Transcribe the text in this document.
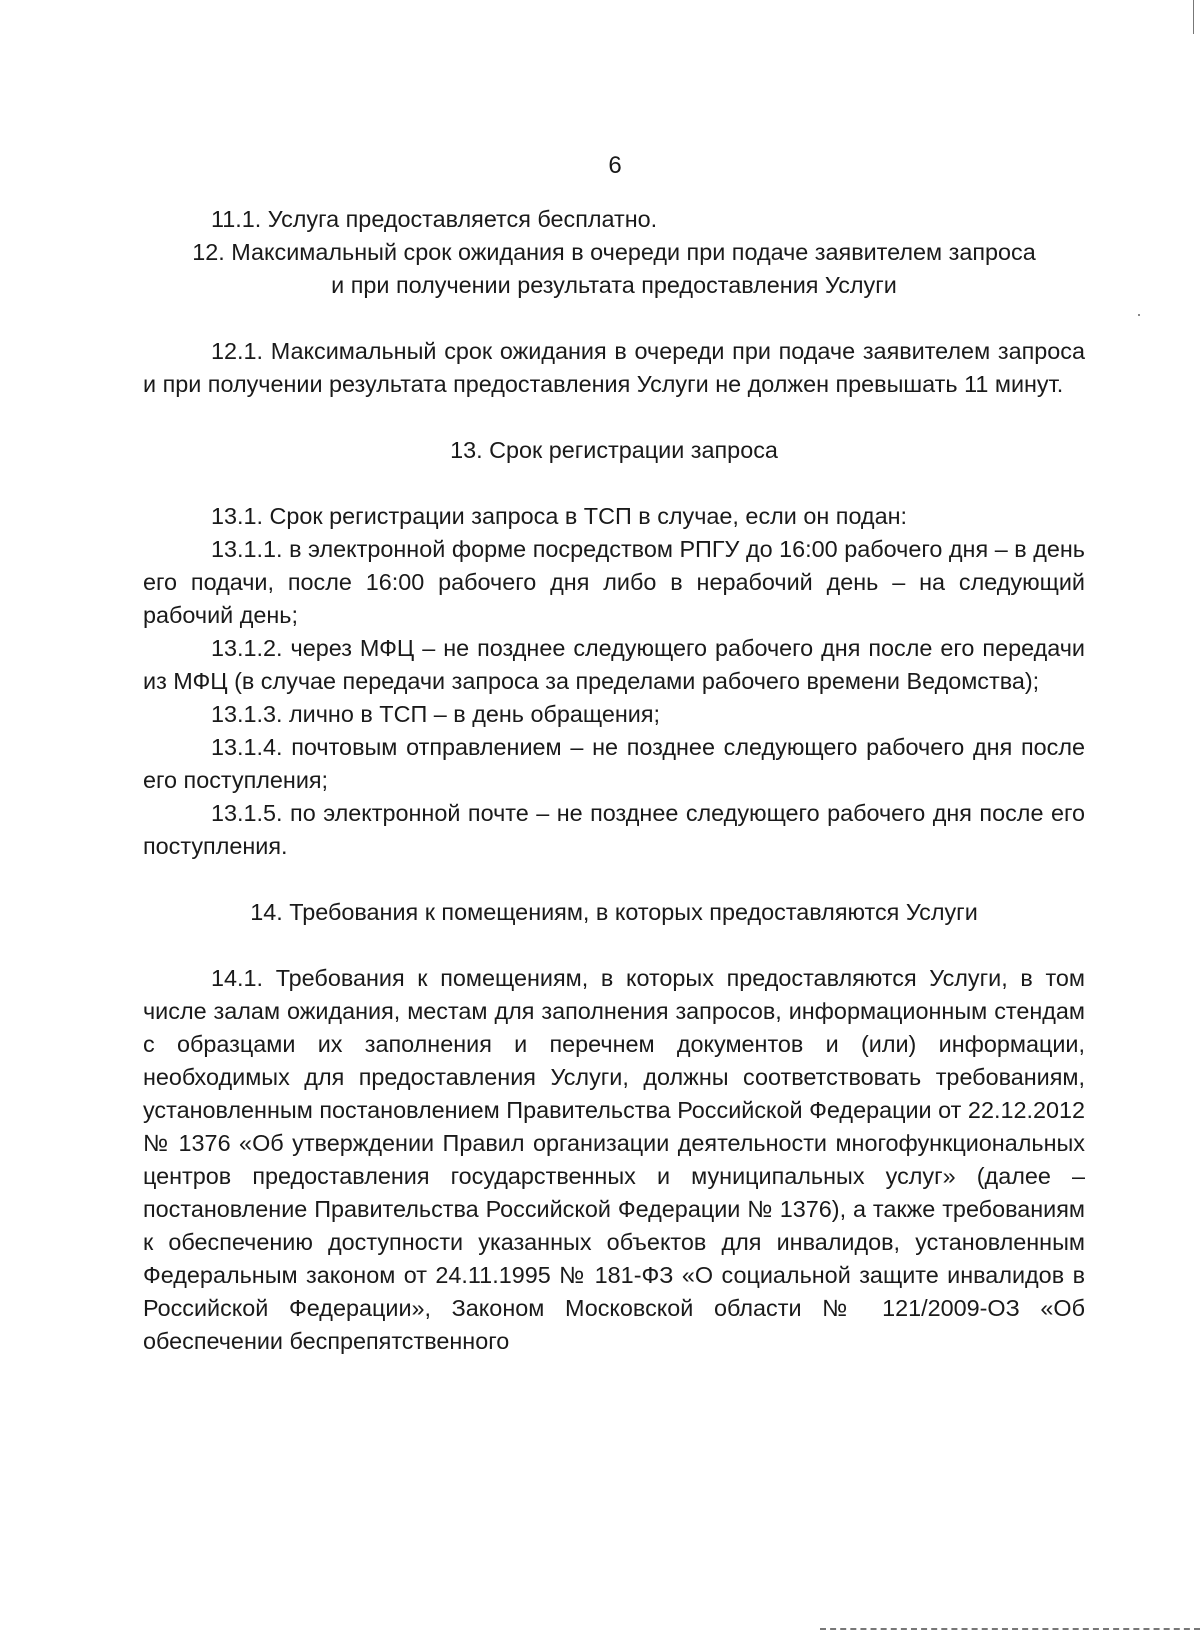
6

11.1. Услуга предоставляется бесплатно.

12. Максимальный срок ожидания в очереди при подаче заявителем запроса
и при получении результата предоставления Услуги

12.1. Максимальный срок ожидания в очереди при подаче заявителем запроса и при получении результата предоставления Услуги не должен превышать 11 минут.

13. Срок регистрации запроса

13.1. Срок регистрации запроса в ТСП в случае, если он подан:

13.1.1. в электронной форме посредством РПГУ до 16:00 рабочего дня – в день его подачи, после 16:00 рабочего дня либо в нерабочий день – на следующий рабочий день;

13.1.2. через МФЦ – не позднее следующего рабочего дня после его передачи из МФЦ (в случае передачи запроса за пределами рабочего времени Ведомства);

13.1.3. лично в ТСП – в день обращения;

13.1.4. почтовым отправлением – не позднее следующего рабочего дня после его поступления;

13.1.5. по электронной почте – не позднее следующего рабочего дня после его поступления.

14. Требования к помещениям, в которых предоставляются Услуги

14.1. Требования к помещениям, в которых предоставляются Услуги, в том числе залам ожидания, местам для заполнения запросов, информационным стендам с образцами их заполнения и перечнем документов и (или) информации, необходимых для предоставления Услуги, должны соответствовать требованиям, установленным постановлением Правительства Российской Федерации от 22.12.2012 № 1376 «Об утверждении Правил организации деятельности многофункциональных центров предоставления государственных и муниципальных услуг» (далее – постановление Правительства Российской Федерации № 1376), а также требованиям к обеспечению доступности указанных объектов для инвалидов, установленным Федеральным законом от 24.11.1995 № 181-ФЗ «О социальной защите инвалидов в Российской Федерации», Законом Московской области № 121/2009-ОЗ «Об обеспечении беспрепятственного
